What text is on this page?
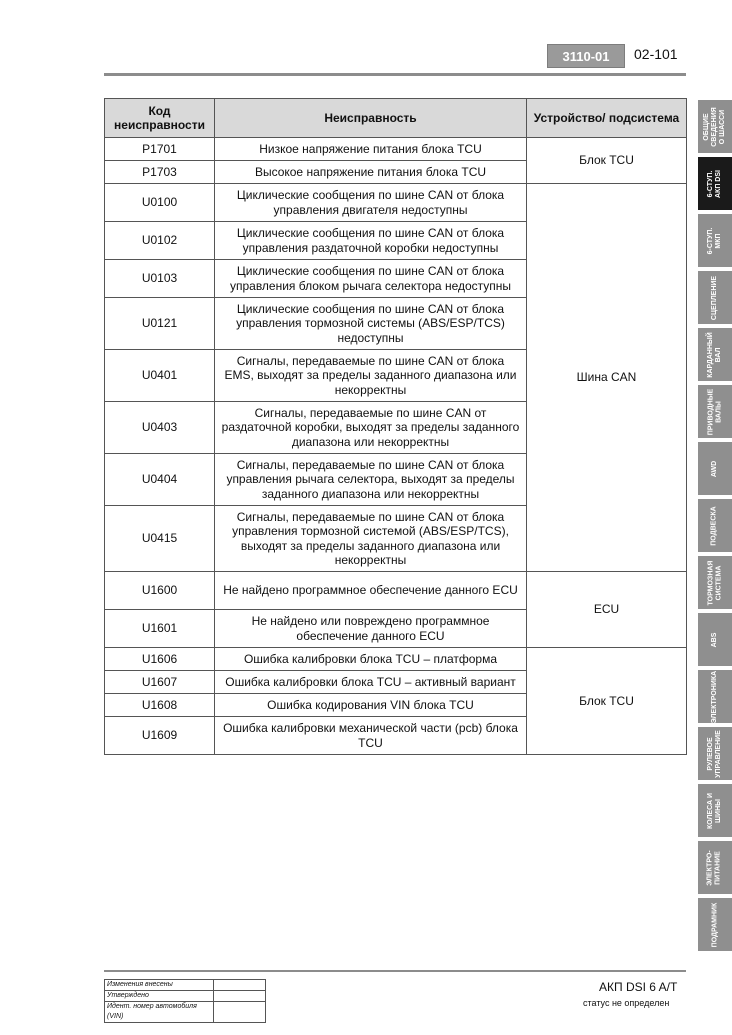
3110-01	02-101
Код неисправности	Неисправность	Устройство/ подсистема
P1701	Низкое напряжение питания блока TCU	Блок TCU
P1703	Высокое напряжение питания блока TCU	
U0100	Циклические сообщения по шине CAN от блока управления двигателя недоступны	Шина CAN
U0102	Циклические сообщения по шине CAN от блока управления раздаточной коробки недоступны	
U0103	Циклические сообщения по шине CAN от блока управления блоком рычага селектора недоступны	
U0121	Циклические сообщения по шине CAN от блока управления тормозной системы (ABS/ESP/TCS) недоступны	
U0401	Сигналы, передаваемые по шине CAN от блока EMS, выходят за пределы заданного диапазона или некорректны	
U0403	Сигналы, передаваемые по шине CAN от раздаточной коробки, выходят за пределы заданного диапазона или некорректны	
U0404	Сигналы, передаваемые по шине CAN от блока управления рычага селектора, выходят за пределы заданного диапазона или некорректны	
U0415	Сигналы, передаваемые по шине CAN от блока управления тормозной системой (ABS/ESP/TCS), выходят за пределы заданного диапазона или некорректны	
U1600	Не найдено программное обеспечение данного ECU	ECU
U1601	Не найдено или повреждено программное обеспечение данного ECU	
U1606	Ошибка калибровки блока TCU – платформа	Блок TCU
U1607	Ошибка калибровки блока TCU – активный вариант	
U1608	Ошибка кодирования VIN блока TCU	
U1609	Ошибка калибровки механической части (pcb) блока TCU	
ОБЩИЕ
СВЕДЕНИЯ
О ШАССИ
6-СТУП.
АКП DSI
6-СТУП.
МКП
СЦЕПЛЕНИЕ
КАРДАННЫЙ
ВАЛ
ПРИВОДНЫЕ
ВАЛЫ
AWD
ПОДВЕСКА
ТОРМОЗНАЯ
СИСТЕМА
ABS
ЭЛЕКТРОНИКА
РУЛЕВОЕ
УПРАВЛЕНИЕ
КОЛЕСА И
ШИНЫ
ЭЛЕКТРО-
ПИТАНИЕ
ПОДРАМНИК
Изменения внесены	
Утверждено	
Идент. номер автомобиля (VIN)	
АКП DSI 6 A/T
статус не определен
